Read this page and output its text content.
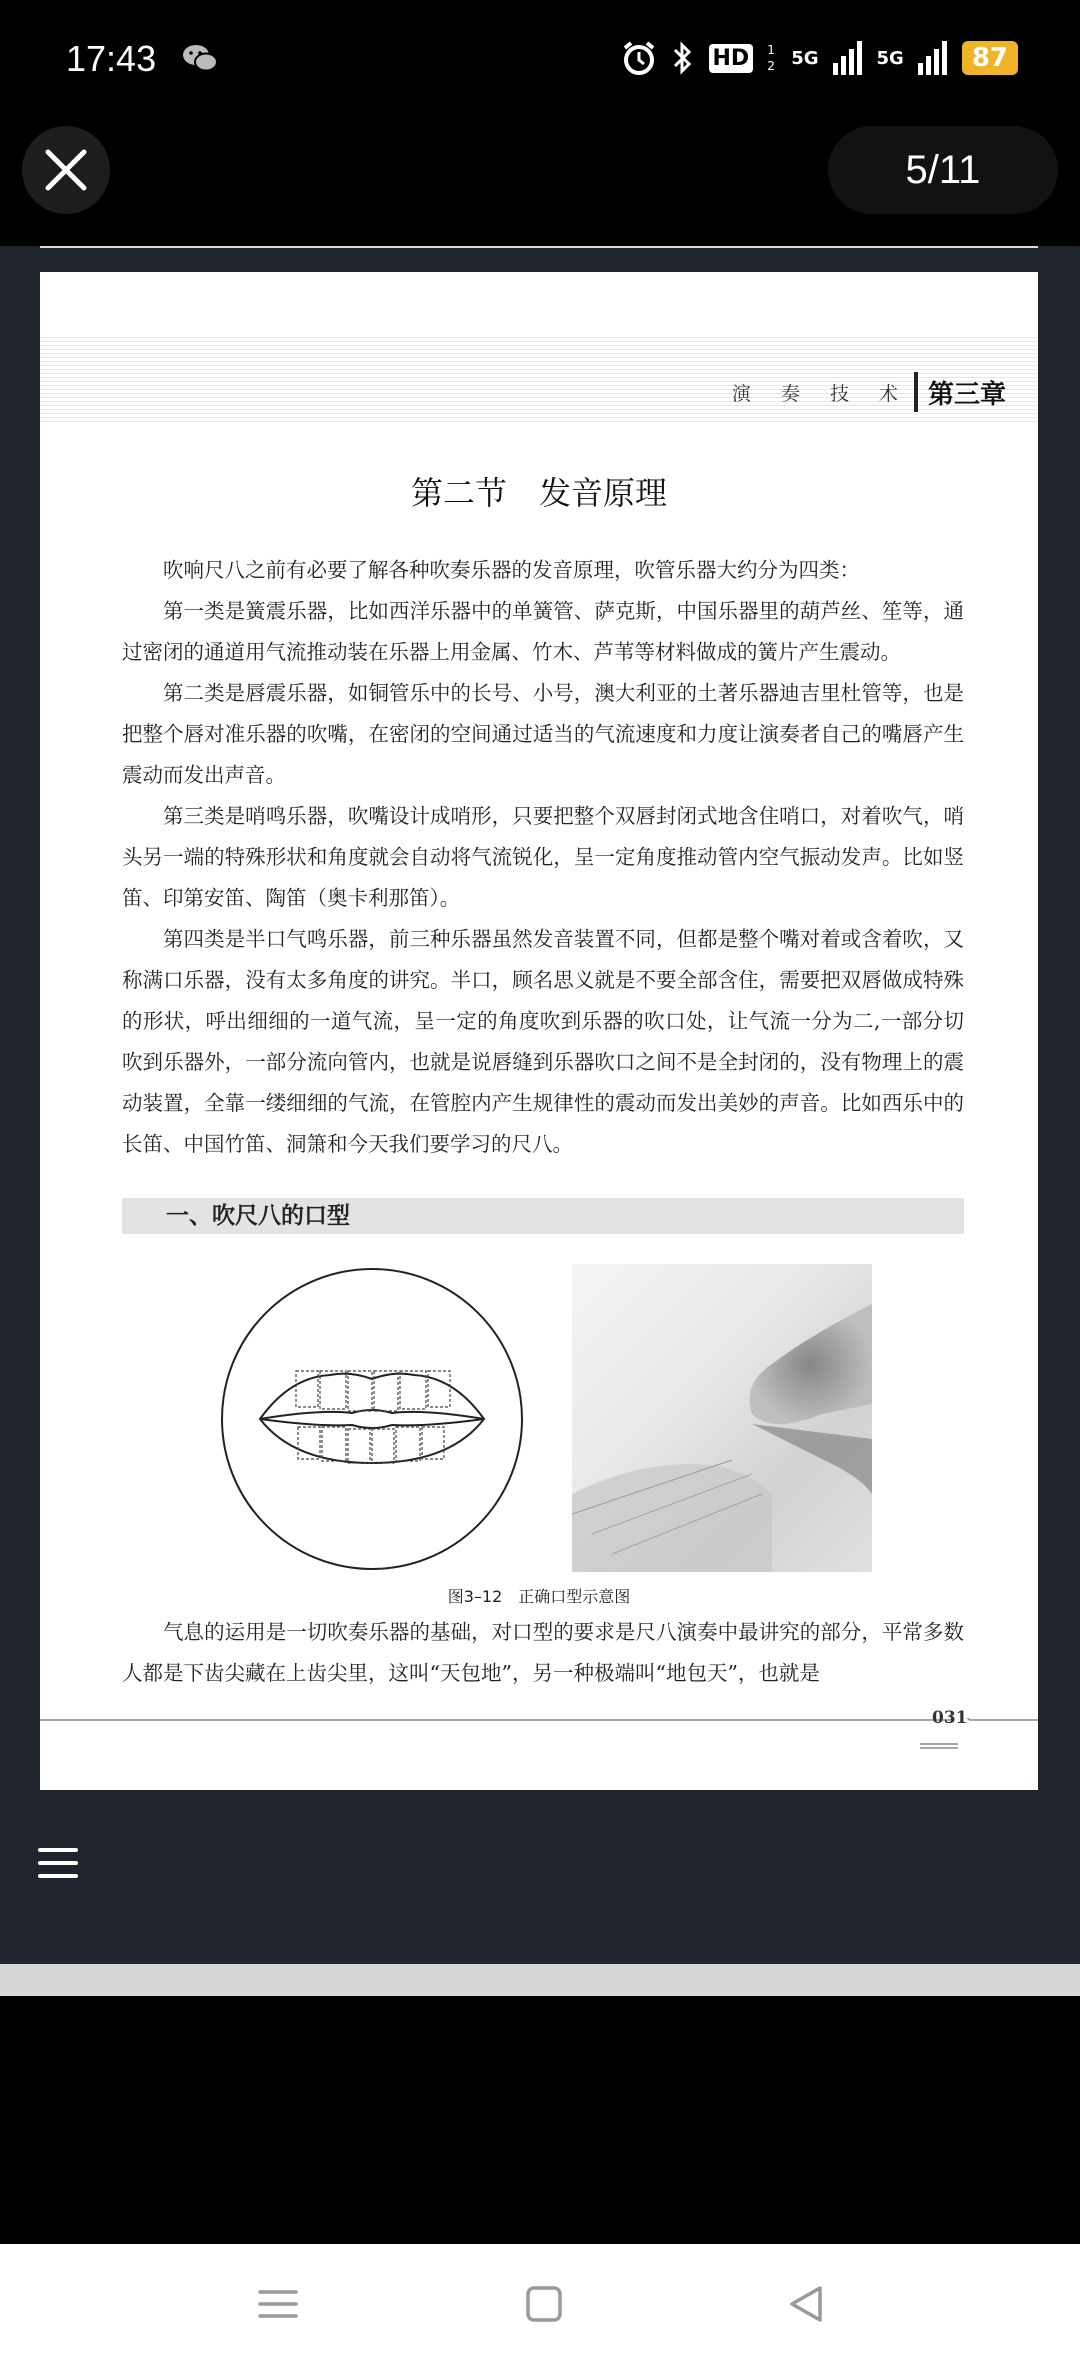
17:43	HD	1 2 5G	5G	87
5/11
演 奏 技 术 第三章
第二节　发音原理

吹响尺八之前有必要了解各种吹奏乐器的发音原理，吹管乐器大约分为四类：

第一类是簧震乐器，比如西洋乐器中的单簧管、萨克斯，中国乐器里的葫芦丝、笙等，通过密闭的通道用气流推动装在乐器上用金属、竹木、芦苇等材料做成的簧片产生震动。

第二类是唇震乐器，如铜管乐中的长号、小号，澳大利亚的土著乐器迪吉里杜管等，也是把整个唇对准乐器的吹嘴，在密闭的空间通过适当的气流速度和力度让演奏者自己的嘴唇产生震动而发出声音。

第三类是哨鸣乐器，吹嘴设计成哨形，只要把整个双唇封闭式地含住哨口，对着吹气，哨头另一端的特殊形状和角度就会自动将气流锐化，呈一定角度推动管内空气振动发声。比如竖笛、印第安笛、陶笛（奥卡利那笛）。

第四类是半口气鸣乐器，前三种乐器虽然发音装置不同，但都是整个嘴对着或含着吹，又称满口乐器，没有太多角度的讲究。半口，顾名思义就是不要全部含住，需要把双唇做成特殊的形状，呼出细细的一道气流，呈一定的角度吹到乐器的吹口处，让气流一分为二,一部分切吹到乐器外，一部分流向管内，也就是说唇缝到乐器吹口之间不是全封闭的，没有物理上的震动装置，全靠一缕细细的气流，在管腔内产生规律性的震动而发出美妙的声音。比如西乐中的长笛、中国竹笛、洞箫和今天我们要学习的尺八。

一、吹尺八的口型
图3–12　正确口型示意图

气息的运用是一切吹奏乐器的基础，对口型的要求是尺八演奏中最讲究的部分，平常多数人都是下齿尖藏在上齿尖里，这叫“天包地”，另一种极端叫“地包天”，也就是

031
